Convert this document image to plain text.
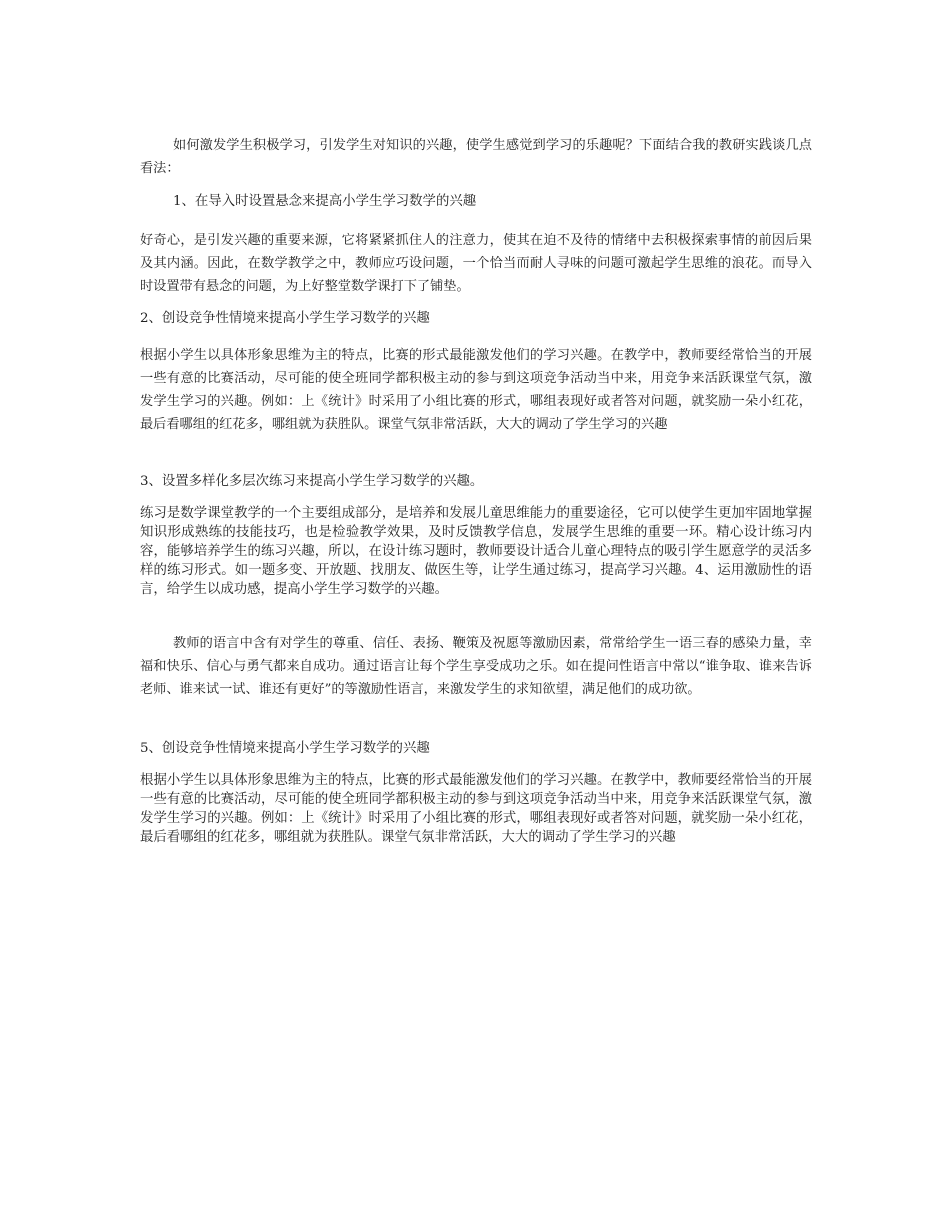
如何激发学生积极学习，引发学生对知识的兴趣，使学生感觉到学习的乐趣呢？下面结合我的教研实践谈几点看法：

1、在导入时设置悬念来提高小学生学习数学的兴趣

好奇心，是引发兴趣的重要来源，它将紧紧抓住人的注意力，使其在迫不及待的情绪中去积极探索事情的前因后果及其内涵。因此，在数学教学之中，教师应巧设问题，一个恰当而耐人寻味的问题可激起学生思维的浪花。而导入时设置带有悬念的问题，为上好整堂数学课打下了铺垫。

2、创设竞争性情境来提高小学生学习数学的兴趣

根据小学生以具体形象思维为主的特点，比赛的形式最能激发他们的学习兴趣。在教学中，教师要经常恰当的开展一些有意的比赛活动，尽可能的使全班同学都积极主动的参与到这项竞争活动当中来，用竞争来活跃课堂气氛，激发学生学习的兴趣。例如：上《统计》时采用了小组比赛的形式，哪组表现好或者答对问题，就奖励一朵小红花，最后看哪组的红花多，哪组就为获胜队。课堂气氛非常活跃，大大的调动了学生学习的兴趣

3、设置多样化多层次练习来提高小学生学习数学的兴趣。

练习是数学课堂教学的一个主要组成部分，是培养和发展儿童思维能力的重要途径，它可以使学生更加牢固地掌握知识形成熟练的技能技巧，也是检验教学效果，及时反馈教学信息，发展学生思维的重要一环。精心设计练习内容，能够培养学生的练习兴趣，所以，在设计练习题时，教师要设计适合儿童心理特点的吸引学生愿意学的灵活多样的练习形式。如一题多变、开放题、找朋友、做医生等，让学生通过练习，提高学习兴趣。4、运用激励性的语言，给学生以成功感，提高小学生学习数学的兴趣。

教师的语言中含有对学生的尊重、信任、表扬、鞭策及祝愿等激励因素，常常给学生一语三春的感染力量，幸福和快乐、信心与勇气都来自成功。通过语言让每个学生享受成功之乐。如在提问性语言中常以“谁争取、谁来告诉老师、谁来试一试、谁还有更好”的等激励性语言，来激发学生的求知欲望，满足他们的成功欲。

5、创设竞争性情境来提高小学生学习数学的兴趣

根据小学生以具体形象思维为主的特点，比赛的形式最能激发他们的学习兴趣。在教学中，教师要经常恰当的开展一些有意的比赛活动，尽可能的使全班同学都积极主动的参与到这项竞争活动当中来，用竞争来活跃课堂气氛，激发学生学习的兴趣。例如：上《统计》时采用了小组比赛的形式，哪组表现好或者答对问题，就奖励一朵小红花，最后看哪组的红花多，哪组就为获胜队。课堂气氛非常活跃，大大的调动了学生学习的兴趣
